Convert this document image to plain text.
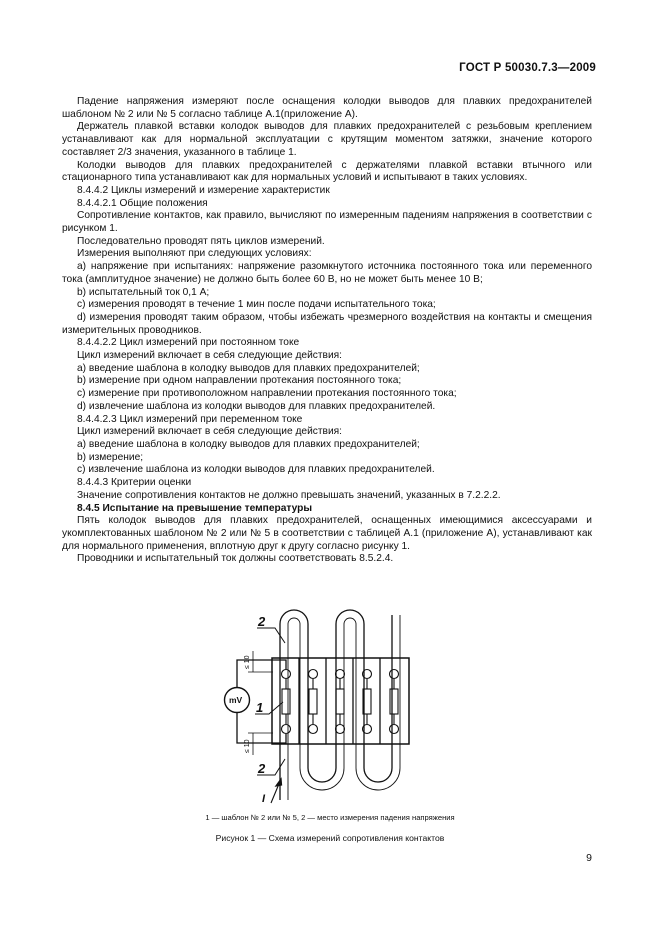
ГОСТ Р 50030.7.3—2009

Падение напряжения измеряют после оснащения колодки выводов для плавких предохранителей шаблоном № 2 или № 5 согласно таблице А.1(приложение А).

Держатель плавкой вставки колодок выводов для плавких предохранителей с резьбовым креплением устанавливают как для нормальной эксплуатации с крутящим моментом затяжки, значение которого составляет 2/3 значения, указанного в таблице 1.

Колодки выводов для плавких предохранителей с держателями плавкой вставки втычного или стационарного типа устанавливают как для нормальных условий и испытывают в таких условиях.

8.4.4.2 Циклы измерений и измерение характеристик

8.4.4.2.1 Общие положения

Сопротивление контактов, как правило, вычисляют по измеренным падениям напряжения в соответствии с рисунком 1.

Последовательно проводят пять циклов измерений.

Измерения выполняют при следующих условиях:

a) напряжение при испытаниях: напряжение разомкнутого источника постоянного тока или переменного тока (амплитудное значение) не должно быть более 60 В, но не может быть менее 10 В;

b) испытательный ток 0,1 А;

c) измерения проводят в течение 1 мин после подачи испытательного тока;

d) измерения проводят таким образом, чтобы избежать чрезмерного воздействия на контакты и смещения измерительных проводников.

8.4.4.2.2 Цикл измерений при постоянном токе

Цикл измерений включает в себя следующие действия:

a) введение шаблона в колодку выводов для плавких предохранителей;

b) измерение при одном направлении протекания постоянного тока;

c) измерение при противоположном направлении протекания постоянного тока;

d) извлечение шаблона из колодки выводов для плавких предохранителей.

8.4.4.2.3 Цикл измерений при переменном токе

Цикл измерений включает в себя следующие действия:

a) введение шаблона в колодку выводов для плавких предохранителей;

b) измерение;

c) извлечение шаблона из колодки выводов для плавких предохранителей.

8.4.4.3 Критерии оценки

Значение сопротивления контактов не должно превышать значений, указанных в 7.2.2.2.

8.4.5 Испытание на превышение температуры

Пять колодок выводов для плавких предохранителей, оснащенных имеющимися аксессуарами и укомплектованных шаблоном № 2 или № 5 в соответствии с таблицей А.1 (приложение А), устанавливают как для нормального применения, вплотную друг к другу согласно рисунку 1.

Проводники и испытательный ток должны соответствовать 8.5.2.4.

2
2
1
mV
≤ 10
≤ 10
I
1 — шаблон № 2 или № 5, 2 — место измерения падения напряжения
Рисунок 1 — Схема измерений сопротивления контактов
9
